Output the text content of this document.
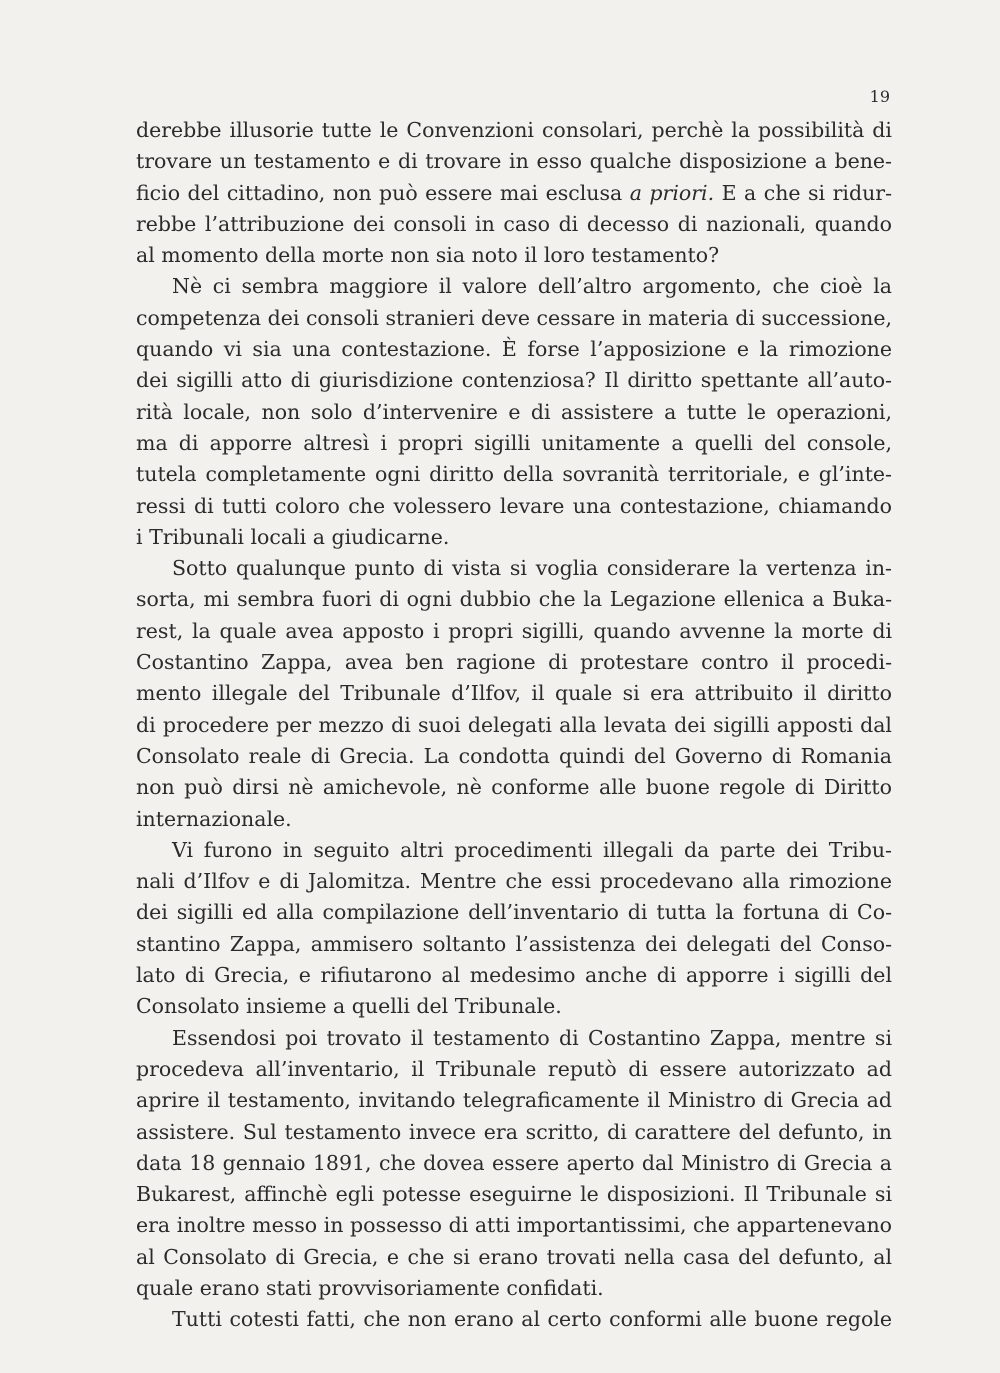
19
derebbe illusorie tutte le Convenzioni consolari, perchè la possibilità di
trovare un testamento e di trovare in esso qualche disposizione a bene-
ficio del cittadino, non può essere mai esclusa a priori. E a che si ridur-
rebbe l’attribuzione dei consoli in caso di decesso di nazionali, quando
al momento della morte non sia noto il loro testamento?
Nè ci sembra maggiore il valore dell’altro argomento, che cioè la
competenza dei consoli stranieri deve cessare in materia di successione,
quando vi sia una contestazione. È forse l’apposizione e la rimozione
dei sigilli atto di giurisdizione contenziosa? Il diritto spettante all’auto-
rità locale, non solo d’intervenire e di assistere a tutte le operazioni,
ma di apporre altresì i propri sigilli unitamente a quelli del console,
tutela completamente ogni diritto della sovranità territoriale, e gl’inte-
ressi di tutti coloro che volessero levare una contestazione, chiamando
i Tribunali locali a giudicarne.
Sotto qualunque punto di vista si voglia considerare la vertenza in-
sorta, mi sembra fuori di ogni dubbio che la Legazione ellenica a Buka-
rest, la quale avea apposto i propri sigilli, quando avvenne la morte di
Costantino Zappa, avea ben ragione di protestare contro il procedi-
mento illegale del Tribunale d’Ilfov, il quale si era attribuito il diritto
di procedere per mezzo di suoi delegati alla levata dei sigilli apposti dal
Consolato reale di Grecia. La condotta quindi del Governo di Romania
non può dirsi nè amichevole, nè conforme alle buone regole di Diritto
internazionale.
Vi furono in seguito altri procedimenti illegali da parte dei Tribu-
nali d’Ilfov e di Jalomitza. Mentre che essi procedevano alla rimozione
dei sigilli ed alla compilazione dell’inventario di tutta la fortuna di Co-
stantino Zappa, ammisero soltanto l’assistenza dei delegati del Conso-
lato di Grecia, e rifiutarono al medesimo anche di apporre i sigilli del
Consolato insieme a quelli del Tribunale.
Essendosi poi trovato il testamento di Costantino Zappa, mentre si
procedeva all’inventario, il Tribunale reputò di essere autorizzato ad
aprire il testamento, invitando telegraficamente il Ministro di Grecia ad
assistere. Sul testamento invece era scritto, di carattere del defunto, in
data 18 gennaio 1891, che dovea essere aperto dal Ministro di Grecia a
Bukarest, affinchè egli potesse eseguirne le disposizioni. Il Tribunale si
era inoltre messo in possesso di atti importantissimi, che appartenevano
al Consolato di Grecia, e che si erano trovati nella casa del defunto, al
quale erano stati provvisoriamente confidati.
Tutti cotesti fatti, che non erano al certo conformi alle buone regole
